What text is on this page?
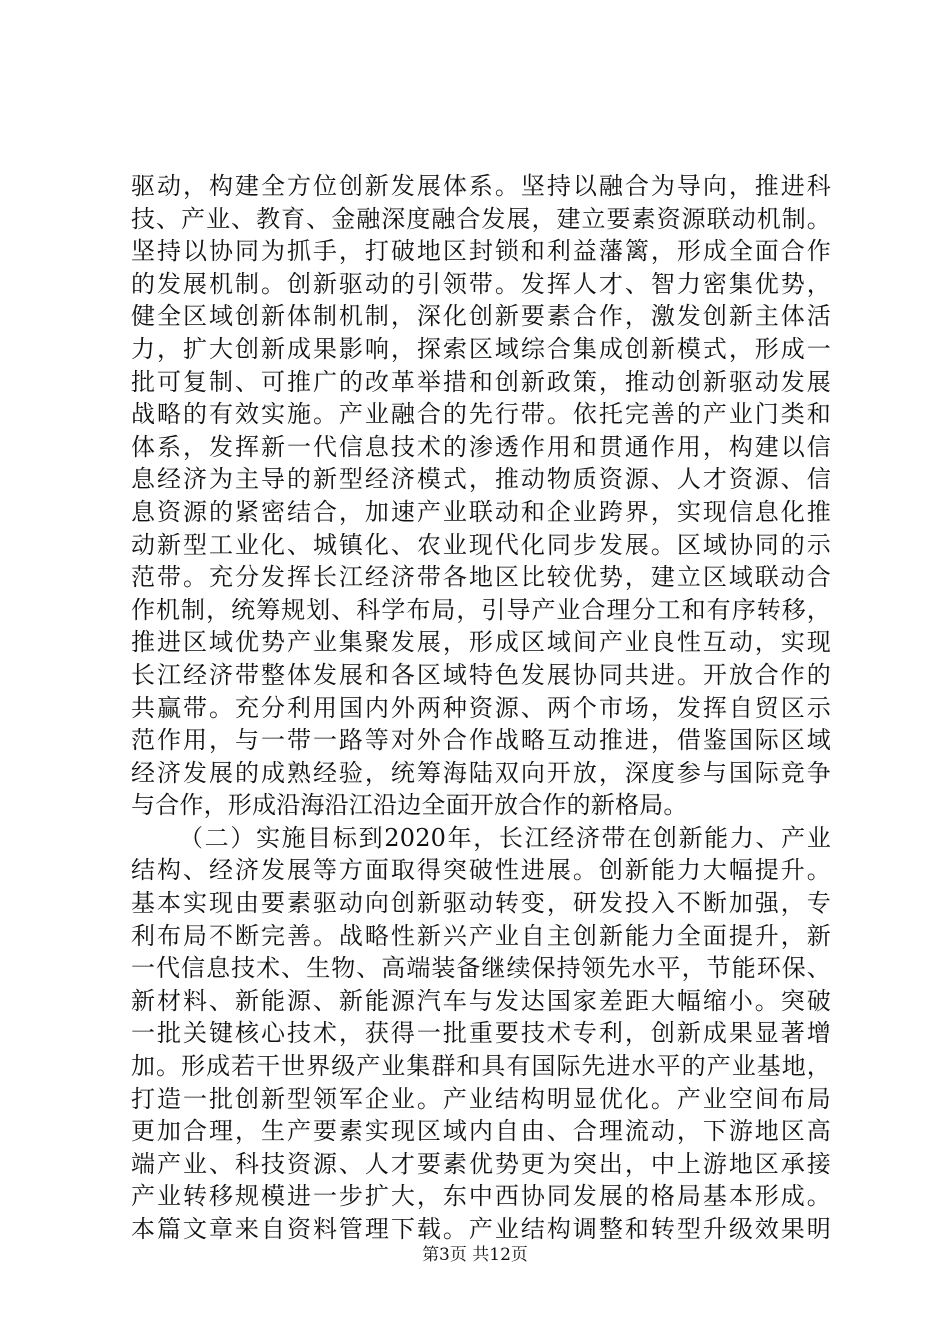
驱动，构建全方位创新发展体系。坚持以融合为导向，推进科
技、产业、教育、金融深度融合发展，建立要素资源联动机制。
坚持以协同为抓手，打破地区封锁和利益藩篱，形成全面合作
的发展机制。创新驱动的引领带。发挥人才、智力密集优势，
健全区域创新体制机制，深化创新要素合作，激发创新主体活
力，扩大创新成果影响，探索区域综合集成创新模式，形成一
批可复制、可推广的改革举措和创新政策，推动创新驱动发展
战略的有效实施。产业融合的先行带。依托完善的产业门类和
体系，发挥新一代信息技术的渗透作用和贯通作用，构建以信
息经济为主导的新型经济模式，推动物质资源、人才资源、信
息资源的紧密结合，加速产业联动和企业跨界，实现信息化推
动新型工业化、城镇化、农业现代化同步发展。区域协同的示
范带。充分发挥长江经济带各地区比较优势，建立区域联动合
作机制，统筹规划、科学布局，引导产业合理分工和有序转移，
推进区域优势产业集聚发展，形成区域间产业良性互动，实现
长江经济带整体发展和各区域特色发展协同共进。开放合作的
共赢带。充分利用国内外两种资源、两个市场，发挥自贸区示
范作用，与一带一路等对外合作战略互动推进，借鉴国际区域
经济发展的成熟经验，统筹海陆双向开放，深度参与国际竞争
与合作，形成沿海沿江沿边全面开放合作的新格局。
（二）实施目标到2020年，长江经济带在创新能力、产业
结构、经济发展等方面取得突破性进展。创新能力大幅提升。
基本实现由要素驱动向创新驱动转变，研发投入不断加强，专
利布局不断完善。战略性新兴产业自主创新能力全面提升，新
一代信息技术、生物、高端装备继续保持领先水平，节能环保、
新材料、新能源、新能源汽车与发达国家差距大幅缩小。突破
一批关键核心技术，获得一批重要技术专利，创新成果显著增
加。形成若干世界级产业集群和具有国际先进水平的产业基地，
打造一批创新型领军企业。产业结构明显优化。产业空间布局
更加合理，生产要素实现区域内自由、合理流动，下游地区高
端产业、科技资源、人才要素优势更为突出，中上游地区承接
产业转移规模进一步扩大，东中西协同发展的格局基本形成。
本篇文章来自资料管理下载。产业结构调整和转型升级效果明
第3页 共12页
